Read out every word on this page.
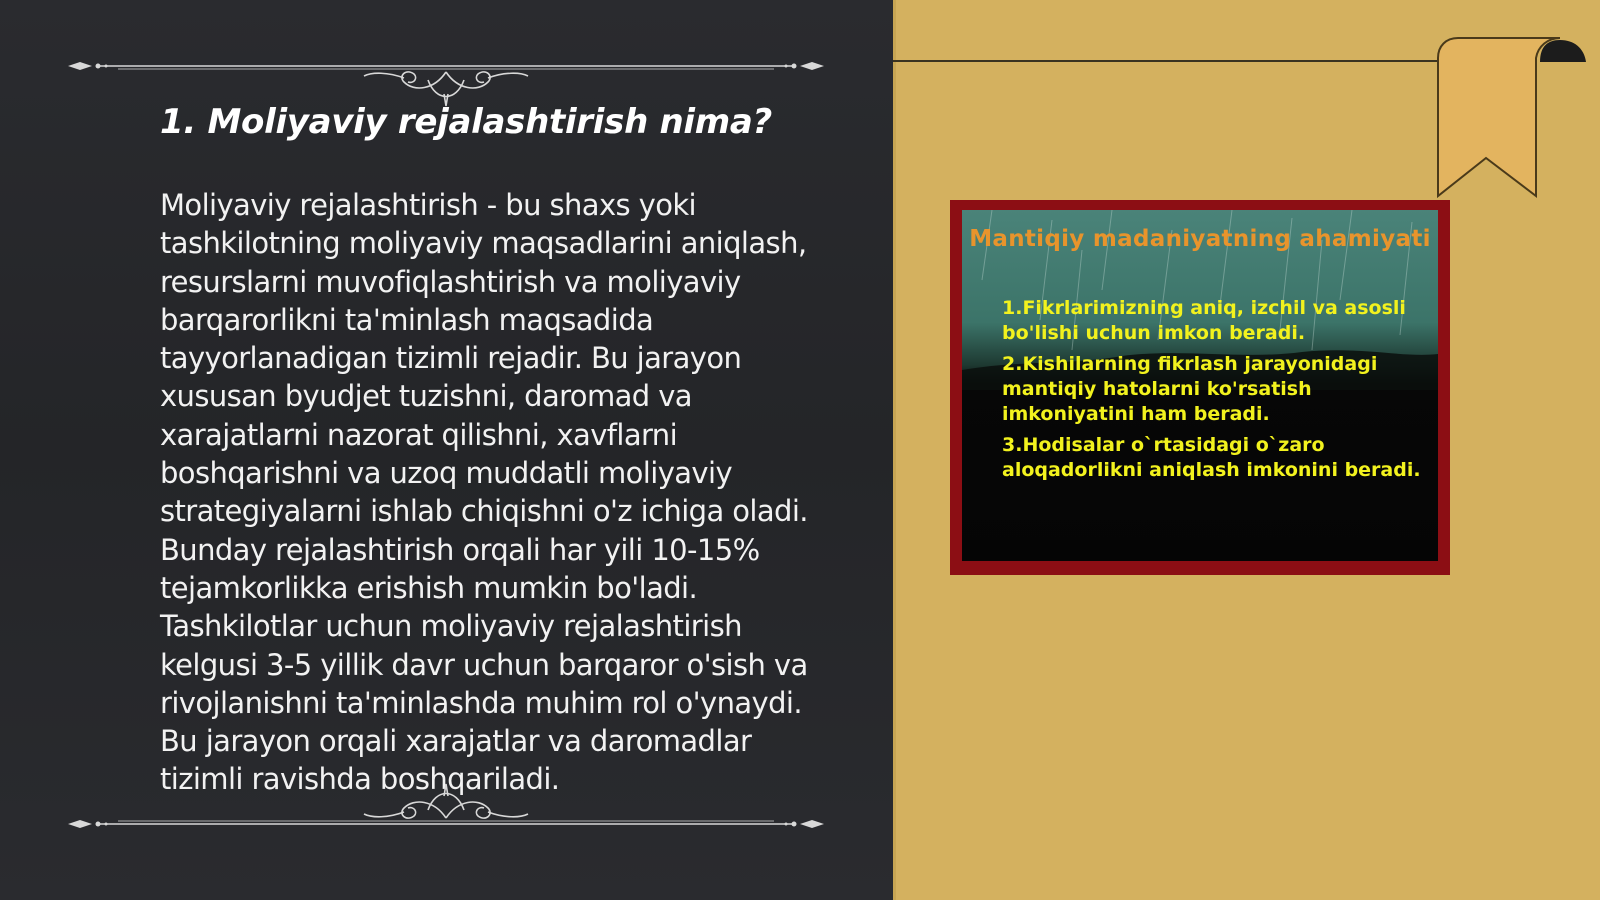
1. Moliyaviy rejalashtirish nima?

Moliyaviy rejalashtirish - bu shaxs yoki tashkilotning moliyaviy maqsadlarini aniqlash, resurslarni muvofiqlashtirish va moliyaviy barqarorlikni ta'minlash maqsadida tayyorlanadigan tizimli rejadir. Bu jarayon xususan byudjet tuzishni, daromad va xarajatlarni nazorat qilishni, xavflarni boshqarishni va uzoq muddatli moliyaviy strategiyalarni ishlab chiqishni o'z ichiga oladi. Bunday rejalashtirish orqali har yili 10-15% tejamkorlikka erishish mumkin bo'ladi. Tashkilotlar uchun moliyaviy rejalashtirish kelgusi 3-5 yillik davr uchun barqaror o'sish va rivojlanishni ta'minlashda muhim rol o'ynaydi. Bu jarayon orqali xarajatlar va daromadlar tizimli ravishda boshqariladi.

Mantiqiy madaniyatning ahamiyati
1.Fikrlarimizning aniq, izchil va asosli bo'lishi uchun imkon beradi.
2.Kishilarning fikrlash jarayonidagi mantiqiy hatolarni ko'rsatish imkoniyatini ham beradi.
3.Hodisalar o`rtasidagi o`zaro aloqadorlikni aniqlash imkonini beradi.
